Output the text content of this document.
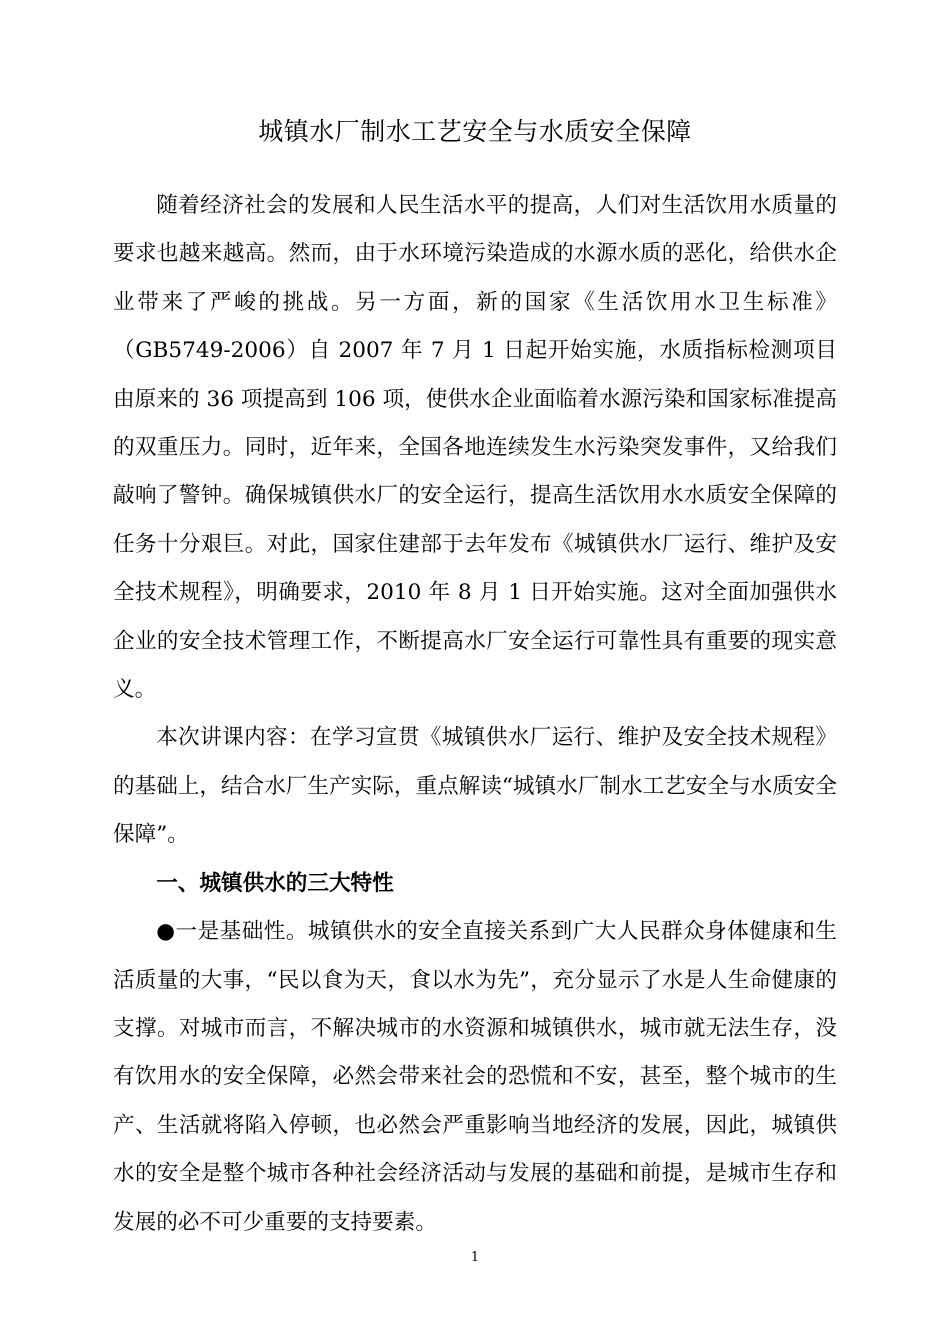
城镇水厂制水工艺安全与水质安全保障

随着经济社会的发展和人民生活水平的提高，人们对生活饮用水质量的要求也越来越高。然而，由于水环境污染造成的水源水质的恶化，给供水企业带来了严峻的挑战。另一方面，新的国家《生活饮用水卫生标准》（GB5749-2006）自 2007 年 7 月 1 日起开始实施，水质指标检测项目由原来的 36 项提高到 106 项，使供水企业面临着水源污染和国家标准提高的双重压力。同时，近年来，全国各地连续发生水污染突发事件，又给我们敲响了警钟。确保城镇供水厂的安全运行，提高生活饮用水水质安全保障的任务十分艰巨。对此，国家住建部于去年发布《城镇供水厂运行、维护及安全技术规程》，明确要求，2010 年 8 月 1 日开始实施。这对全面加强供水企业的安全技术管理工作，不断提高水厂安全运行可靠性具有重要的现实意义。

本次讲课内容：在学习宣贯《城镇供水厂运行、维护及安全技术规程》的基础上，结合水厂生产实际，重点解读“城镇水厂制水工艺安全与水质安全保障”。

一、城镇供水的三大特性

●一是基础性。城镇供水的安全直接关系到广大人民群众身体健康和生活质量的大事，“民以食为天，食以水为先”，充分显示了水是人生命健康的支撑。对城市而言，不解决城市的水资源和城镇供水，城市就无法生存，没有饮用水的安全保障，必然会带来社会的恐慌和不安，甚至，整个城市的生产、生活就将陷入停顿，也必然会严重影响当地经济的发展，因此，城镇供水的安全是整个城市各种社会经济活动与发展的基础和前提，是城市生存和发展的必不可少重要的支持要素。

1
